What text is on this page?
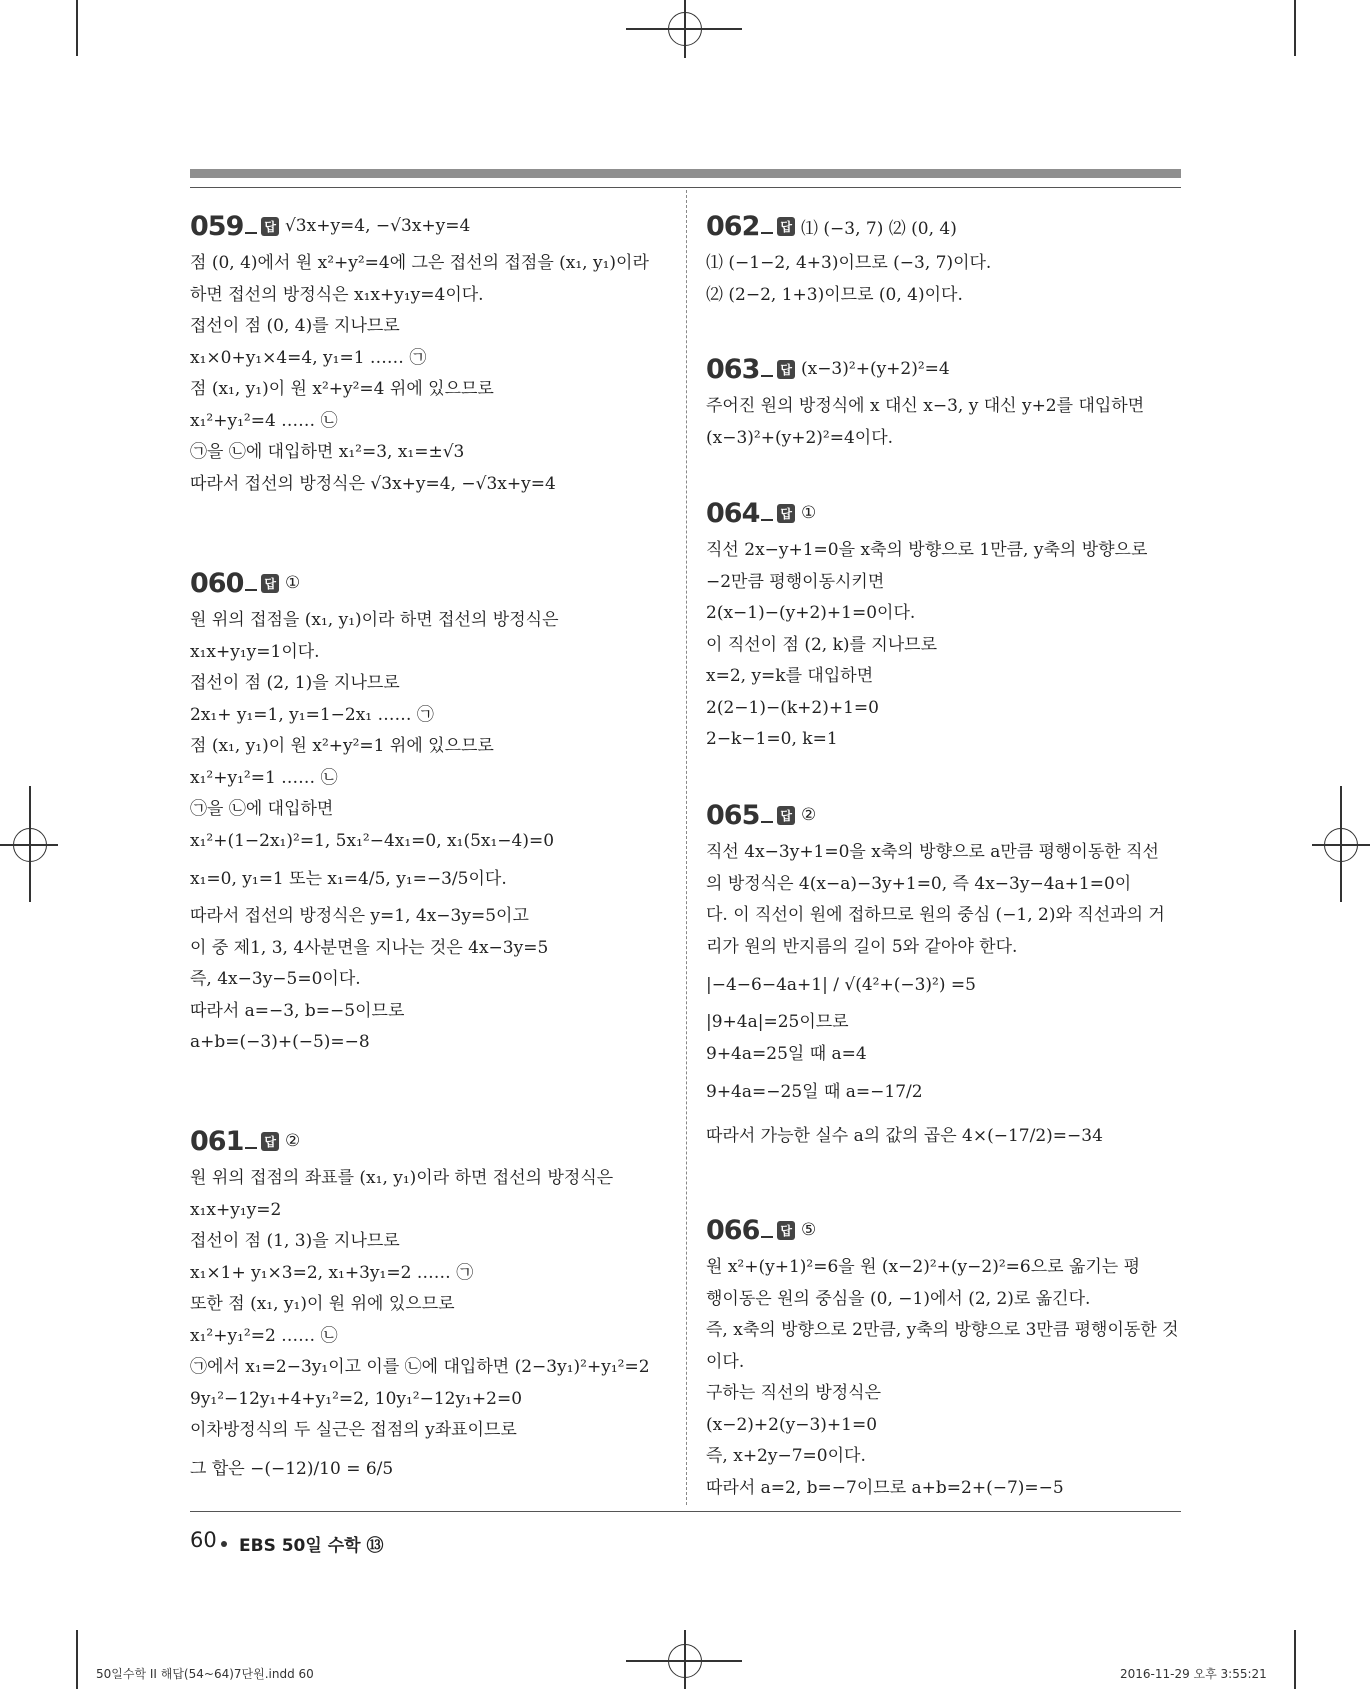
059 답 √3x+y=4, −√3x+y=4
점 (0, 4)에서 원 x²+y²=4에 그은 접선의 접점을 (x₁, y₁)이라
하면 접선의 방정식은 x₁x+y₁y=4이다.
접선이 점 (0, 4)를 지나므로
x₁×0+y₁×4=4, y₁=1 …… ㉠
점 (x₁, y₁)이 원 x²+y²=4 위에 있으므로
x₁²+y₁²=4 …… ㉡
㉠을 ㉡에 대입하면 x₁²=3, x₁=±√3
따라서 접선의 방정식은 √3x+y=4, −√3x+y=4
060 답 ①
원 위의 접점을 (x₁, y₁)이라 하면 접선의 방정식은
x₁x+y₁y=1이다.
접선이 점 (2, 1)을 지나므로
2x₁+ y₁=1, y₁=1−2x₁ …… ㉠
점 (x₁, y₁)이 원 x²+y²=1 위에 있으므로
x₁²+y₁²=1 …… ㉡
㉠을 ㉡에 대입하면
x₁²+(1−2x₁)²=1, 5x₁²−4x₁=0, x₁(5x₁−4)=0
x₁=0, y₁=1 또는 x₁=4/5, y₁=−3/5이다.
따라서 접선의 방정식은 y=1, 4x−3y=5이고
이 중 제1, 3, 4사분면을 지나는 것은 4x−3y=5
즉, 4x−3y−5=0이다.
따라서 a=−3, b=−5이므로
a+b=(−3)+(−5)=−8
061 답 ②
원 위의 접점의 좌표를 (x₁, y₁)이라 하면 접선의 방정식은
x₁x+y₁y=2
접선이 점 (1, 3)을 지나므로
x₁×1+ y₁×3=2, x₁+3y₁=2 …… ㉠
또한 점 (x₁, y₁)이 원 위에 있으므로
x₁²+y₁²=2 …… ㉡
㉠에서 x₁=2−3y₁이고 이를 ㉡에 대입하면 (2−3y₁)²+y₁²=2
9y₁²−12y₁+4+y₁²=2, 10y₁²−12y₁+2=0
이차방정식의 두 실근은 접점의 y좌표이므로
그 합은 −(−12)/10 = 6/5
062 답 ⑴ (−3, 7) ⑵ (0, 4)
⑴ (−1−2, 4+3)이므로 (−3, 7)이다.
⑵ (2−2, 1+3)이므로 (0, 4)이다.
063 답 (x−3)²+(y+2)²=4
주어진 원의 방정식에 x 대신 x−3, y 대신 y+2를 대입하면
(x−3)²+(y+2)²=4이다.
064 답 ①
직선 2x−y+1=0을 x축의 방향으로 1만큼, y축의 방향으로
−2만큼 평행이동시키면
2(x−1)−(y+2)+1=0이다.
이 직선이 점 (2, k)를 지나므로
x=2, y=k를 대입하면
2(2−1)−(k+2)+1=0
2−k−1=0, k=1
065 답 ②
직선 4x−3y+1=0을 x축의 방향으로 a만큼 평행이동한 직선
의 방정식은 4(x−a)−3y+1=0, 즉 4x−3y−4a+1=0이
다. 이 직선이 원에 접하므로 원의 중심 (−1, 2)와 직선과의 거
리가 원의 반지름의 길이 5와 같아야 한다.
|−4−6−4a+1| / √(4²+(−3)²) =5
|9+4a|=25이므로
9+4a=25일 때 a=4
9+4a=−25일 때 a=−17/2
따라서 가능한 실수 a의 값의 곱은 4×(−17/2)=−34
066 답 ⑤
원 x²+(y+1)²=6을 원 (x−2)²+(y−2)²=6으로 옮기는 평
행이동은 원의 중심을 (0, −1)에서 (2, 2)로 옮긴다.
즉, x축의 방향으로 2만큼, y축의 방향으로 3만큼 평행이동한 것
이다.
구하는 직선의 방정식은
(x−2)+2(y−3)+1=0
즉, x+2y−7=0이다.
따라서 a=2, b=−7이므로 a+b=2+(−7)=−5
60 EBS 50일 수학 ⑬
50일수학 II 해답(54~64)7단원.indd 60	2016-11-29 오후 3:55:21
